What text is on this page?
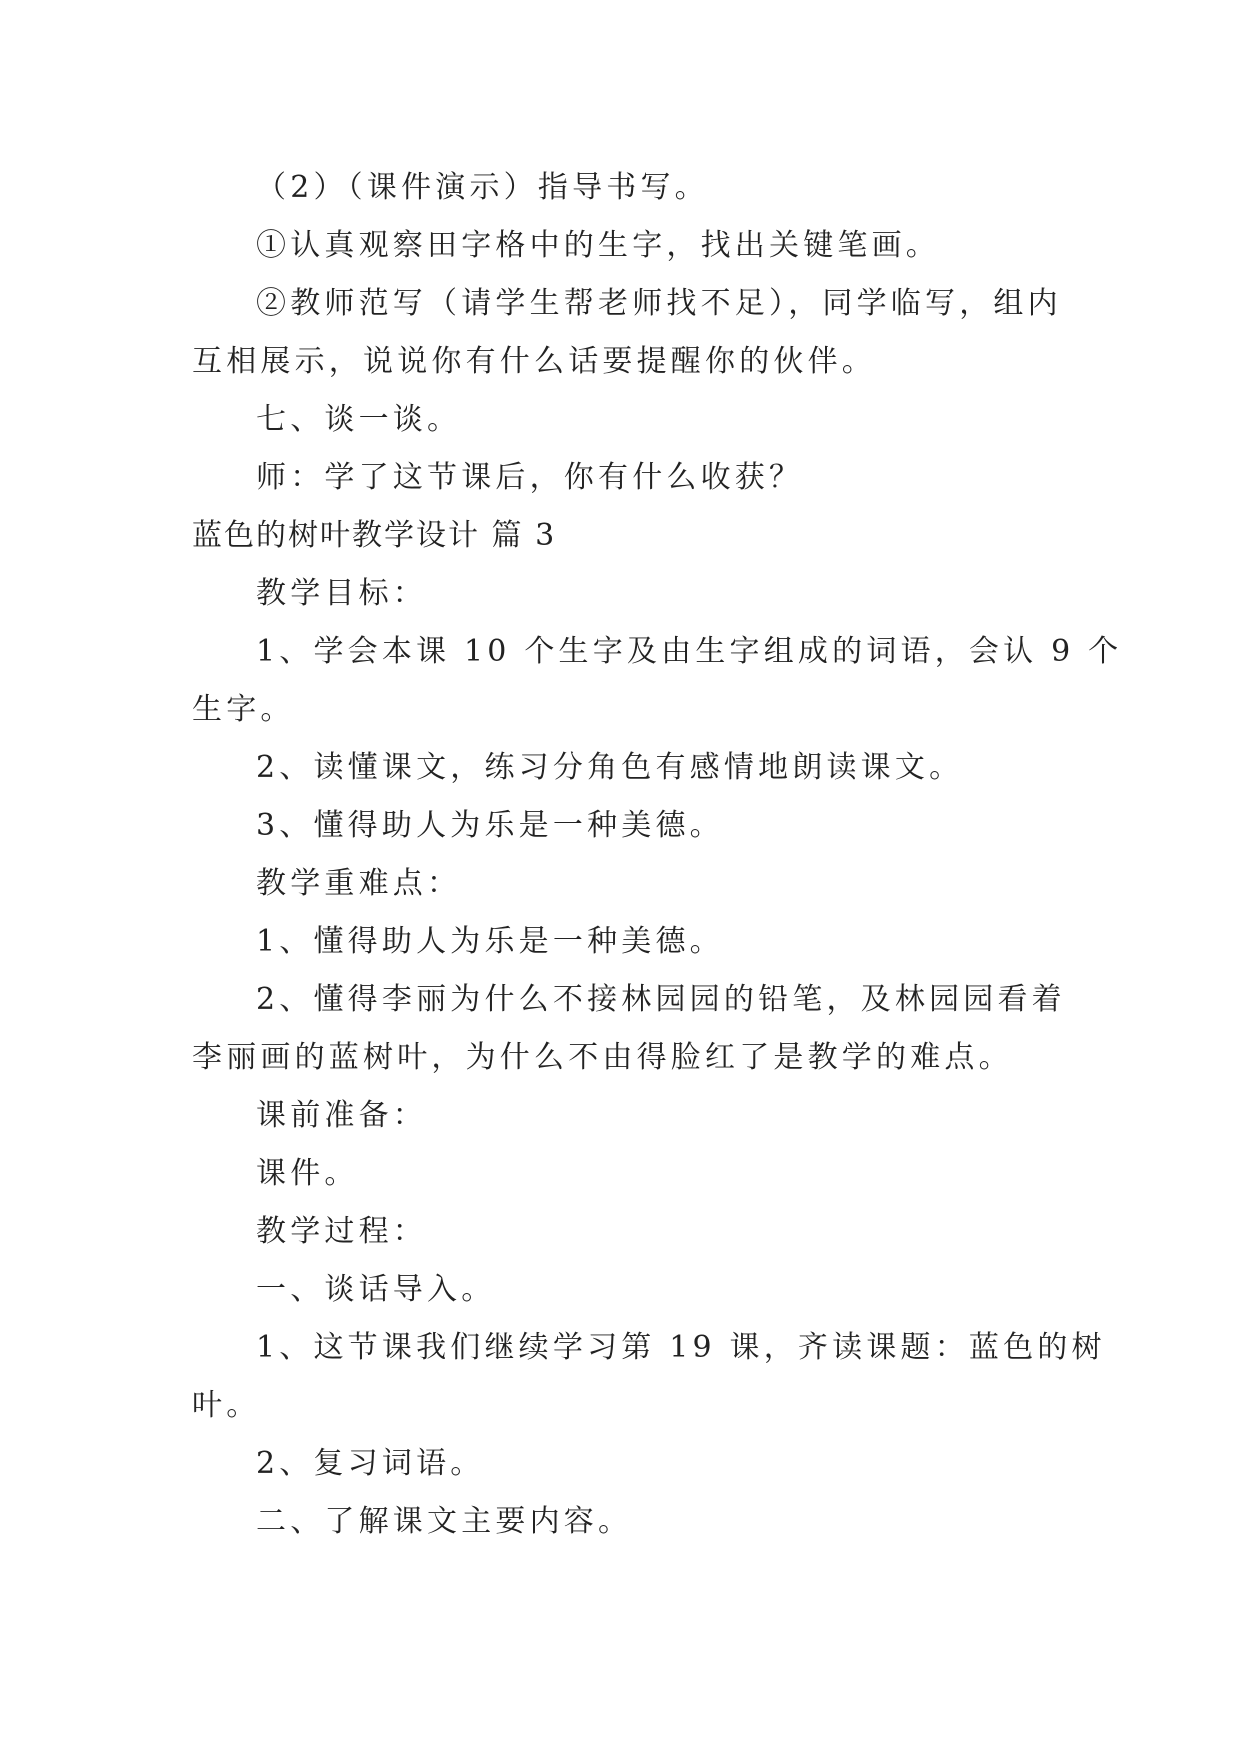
（2）（课件演示）指导书写。

①认真观察田字格中的生字，找出关键笔画。

②教师范写（请学生帮老师找不足），同学临写，组内

互相展示，说说你有什么话要提醒你的伙伴。

七、谈一谈。

师：学了这节课后，你有什么收获？

蓝色的树叶教学设计 篇 3

教学目标：

1、学会本课 10 个生字及由生字组成的词语，会认 9 个

生字。

2、读懂课文，练习分角色有感情地朗读课文。

3、懂得助人为乐是一种美德。

教学重难点：

1、懂得助人为乐是一种美德。

2、懂得李丽为什么不接林园园的铅笔，及林园园看着

李丽画的蓝树叶，为什么不由得脸红了是教学的难点。

课前准备：

课件。

教学过程：

一、谈话导入。

1、这节课我们继续学习第 19 课，齐读课题：蓝色的树

叶。

2、复习词语。

二、了解课文主要内容。
